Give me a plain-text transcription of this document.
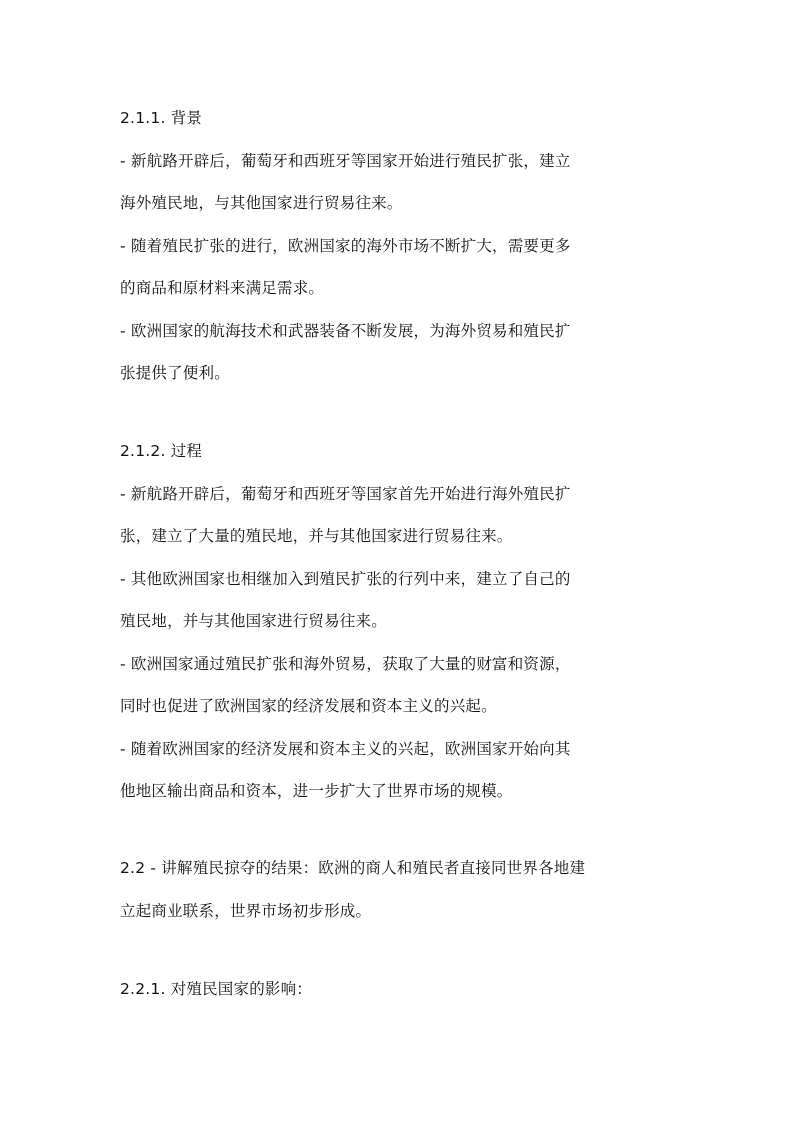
2.1.1. 背景
- 新航路开辟后，葡萄牙和西班牙等国家开始进行殖民扩张，建立
海外殖民地，与其他国家进行贸易往来。
- 随着殖民扩张的进行，欧洲国家的海外市场不断扩大，需要更多
的商品和原材料来满足需求。
- 欧洲国家的航海技术和武器装备不断发展，为海外贸易和殖民扩
张提供了便利。
2.1.2. 过程
- 新航路开辟后，葡萄牙和西班牙等国家首先开始进行海外殖民扩
张，建立了大量的殖民地，并与其他国家进行贸易往来。
- 其他欧洲国家也相继加入到殖民扩张的行列中来，建立了自己的
殖民地，并与其他国家进行贸易往来。
- 欧洲国家通过殖民扩张和海外贸易，获取了大量的财富和资源，
同时也促进了欧洲国家的经济发展和资本主义的兴起。
- 随着欧洲国家的经济发展和资本主义的兴起，欧洲国家开始向其
他地区输出商品和资本，进一步扩大了世界市场的规模。
2.2 - 讲解殖民掠夺的结果：欧洲的商人和殖民者直接同世界各地建
立起商业联系，世界市场初步形成。
2.2.1. 对殖民国家的影响：
